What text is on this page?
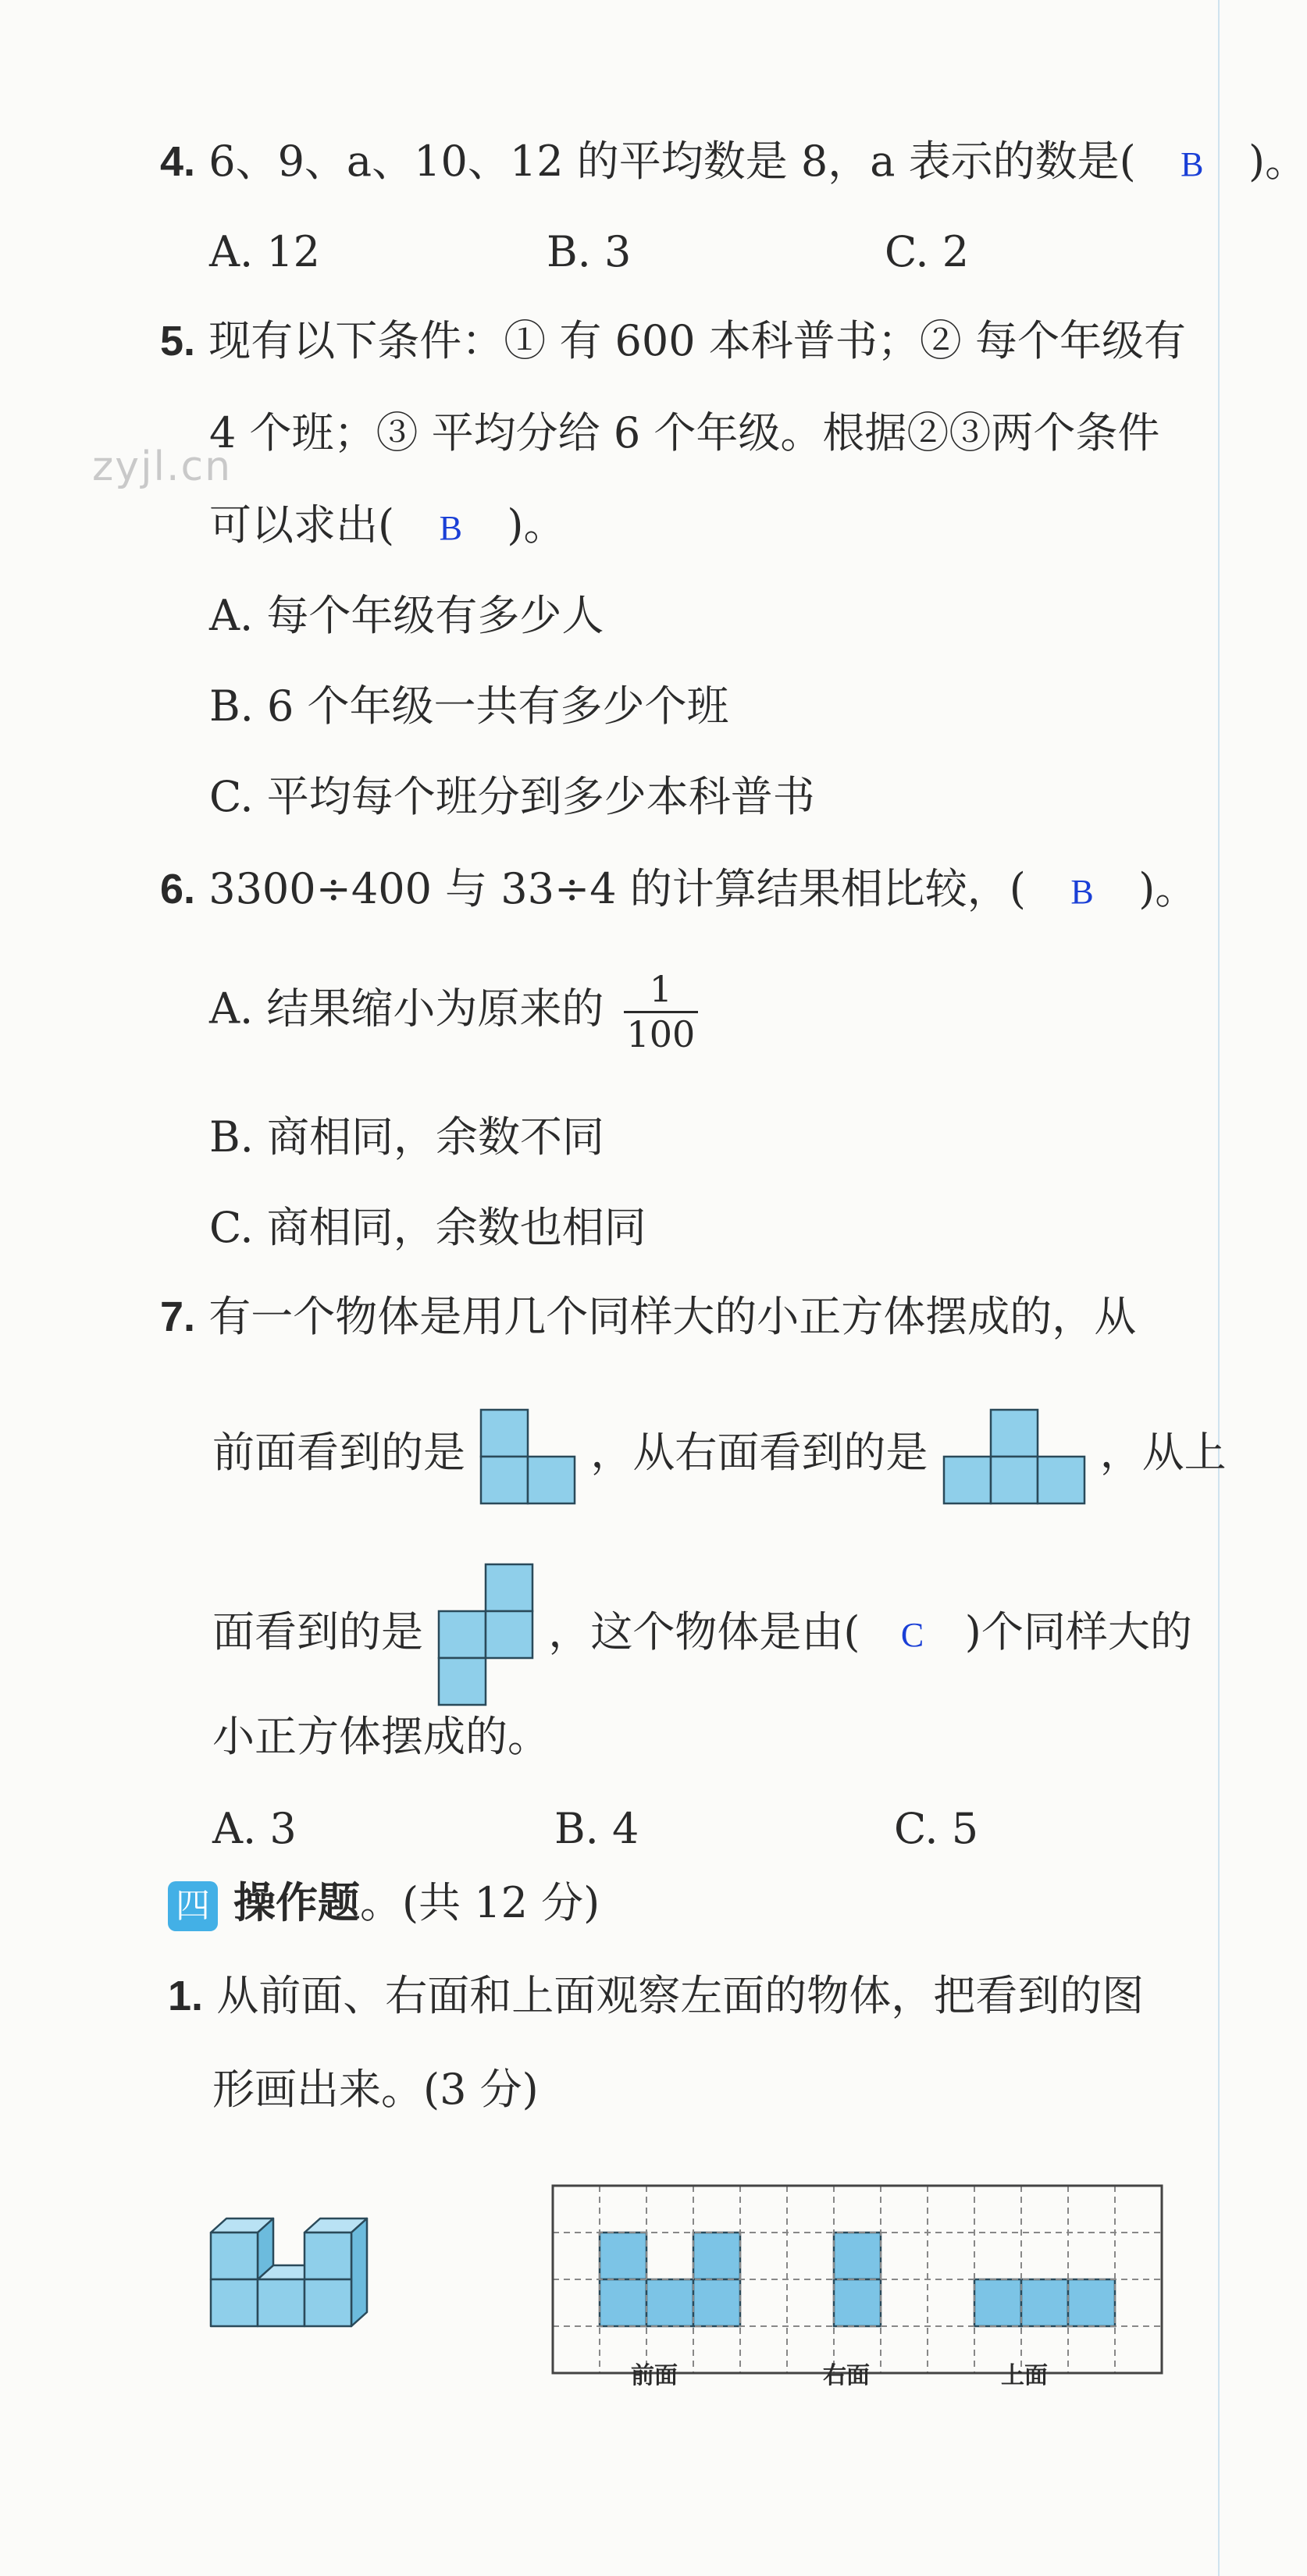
zyjl.cn
4. 6、9、a、10、12 的平均数是 8，a 表示的数是( B )。
A. 12	B. 3	C. 2
5. 现有以下条件：① 有 600 本科普书；② 每个年级有
4 个班；③ 平均分给 6 个年级。根据②③两个条件
可以求出( B )。
A. 每个年级有多少人
B. 6 个年级一共有多少个班
C. 平均每个班分到多少本科普书
6. 3300÷400 与 33÷4 的计算结果相比较，( B )。
A. 结果缩小为原来的 $\frac{1}{100}$
B. 商相同，余数不同
C. 商相同，余数也相同
7. 有一个物体是用几个同样大的小正方体摆成的，从
前面看到的是	，从右面看到的是	，从上
面看到的是	，这个物体是由( C )个同样大的
小正方体摆成的。
A. 3	B. 4	C. 5
四 操作题。(共 12 分)
1. 从前面、右面和上面观察左面的物体，把看到的图
形画出来。(3 分)
前面	右面	上面
